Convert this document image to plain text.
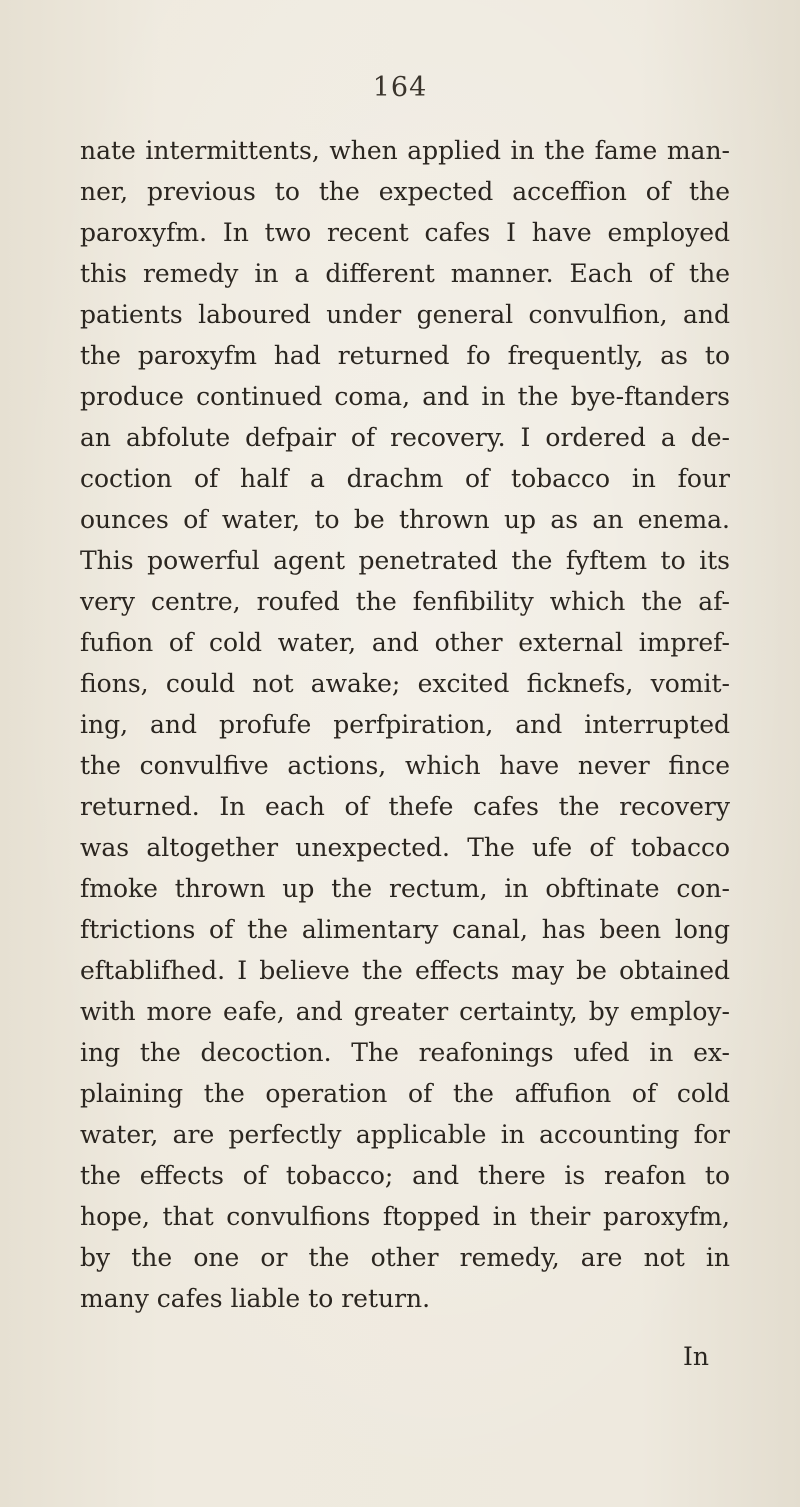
164
nate intermittents, when applied in the fame man-
ner, previous to the expected acceffion of the
paroxyfm. In two recent cafes I have employed
this remedy in a different manner. Each of the
patients laboured under general convulfion, and
the paroxyfm had returned fo frequently, as to
produce continued coma, and in the bye-ftanders
an abfolute defpair of recovery. I ordered a de-
coction of half a drachm of tobacco in four
ounces of water, to be thrown up as an enema.
This powerful agent penetrated the fyftem to its
very centre, roufed the fenfibility which the af-
fufion of cold water, and other external impref-
fions, could not awake; excited ficknefs, vomit-
ing, and profufe perfpiration, and interrupted
the convulfive actions, which have never fince
returned. In each of thefe cafes the recovery
was altogether unexpected. The ufe of tobacco
fmoke thrown up the rectum, in obftinate con-
ftrictions of the alimentary canal, has been long
eftablifhed. I believe the effects may be obtained
with more eafe, and greater certainty, by employ-
ing the decoction. The reafonings ufed in ex-
plaining the operation of the affufion of cold
water, are perfectly applicable in accounting for
the effects of tobacco; and there is reafon to
hope, that convulfions ftopped in their paroxyfm,
by the one or the other remedy, are not in
many cafes liable to return.
In
